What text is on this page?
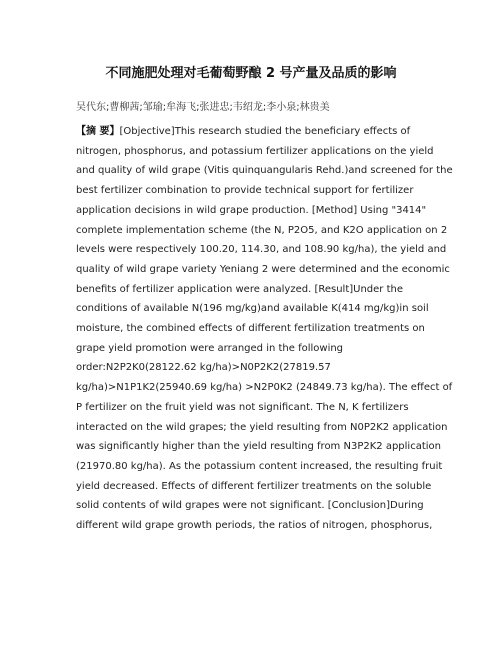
不同施肥处理对毛葡萄野酿 2 号产量及品质的影响
吴代东;曹柳茜;邹瑜;牟海飞;张进忠;韦绍龙;李小泉;林贵美
【摘 要】[Objective]This research studied the beneficiary effects of
nitrogen, phosphorus, and potassium fertilizer applications on the yield
and quality of wild grape (Vitis quinquangularis Rehd.)and screened for the
best fertilizer combination to provide technical support for fertilizer
application decisions in wild grape production. [Method] Using "3414"
complete implementation scheme (the N, P2O5, and K2O application on 2
levels were respectively 100.20, 114.30, and 108.90 kg/ha), the yield and
quality of wild grape variety Yeniang 2 were determined and the economic
benefits of fertilizer application were analyzed. [Result]Under the
conditions of available N(196 mg/kg)and available K(414 mg/kg)in soil
moisture, the combined effects of different fertilization treatments on
grape yield promotion were arranged in the following
order:N2P2K0(28122.62 kg/ha)>N0P2K2(27819.57
kg/ha)>N1P1K2(25940.69 kg/ha) >N2P0K2 (24849.73 kg/ha). The effect of
P fertilizer on the fruit yield was not significant. The N, K fertilizers
interacted on the wild grapes; the yield resulting from N0P2K2 application
was significantly higher than the yield resulting from N3P2K2 application
(21970.80 kg/ha). As the potassium content increased, the resulting fruit
yield decreased. Effects of different fertilizer treatments on the soluble
solid contents of wild grapes were not significant. [Conclusion]During
different wild grape growth periods, the ratios of nitrogen, phosphorus,
